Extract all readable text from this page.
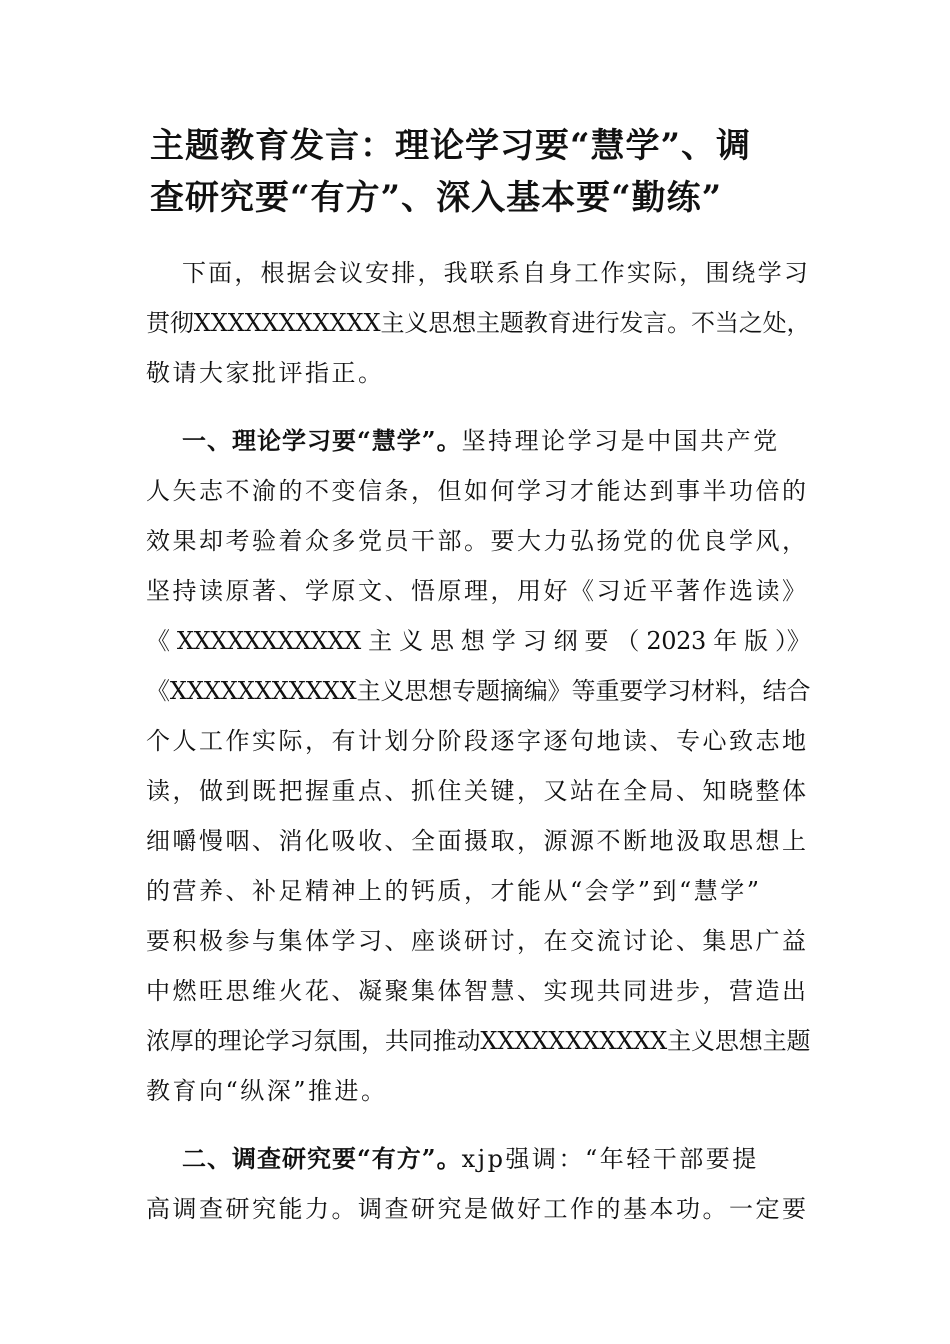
主题教育发言：理论学习要“慧学”、调
查研究要“有方”、深入基本要“勤练”

下面，根据会议安排，我联系自身工作实际，围绕学习
贯彻XXXXXXXXXXX主义思想主题教育进行发言。不当之处，
敬请大家批评指正。

一、理论学习要“慧学”。坚持理论学习是中国共产党
人矢志不渝的不变信条，但如何学习才能达到事半功倍的
效果却考验着众多党员干部。要大力弘扬党的优良学风，
坚持读原著、学原文、悟原理，用好《习近平著作选读》
《 XXXXXXXXXXX 主 义 思 想 学 习 纲 要 （ 2023 年 版 ）》
《XXXXXXXXXXX主义思想专题摘编》等重要学习材料，结合
个人工作实际，有计划分阶段逐字逐句地读、专心致志地
读，做到既把握重点、抓住关键，又站在全局、知晓整体
细嚼慢咽、消化吸收、全面摄取，源源不断地汲取思想上
的营养、补足精神上的钙质，才能从“会学”到“慧学”
要积极参与集体学习、座谈研讨，在交流讨论、集思广益
中燃旺思维火花、凝聚集体智慧、实现共同进步，营造出
浓厚的理论学习氛围，共同推动XXXXXXXXXXX主义思想主题
教育向“纵深”推进。

二、调查研究要“有方”。xjp强调：“年轻干部要提
高调查研究能力。调查研究是做好工作的基本功。一定要
